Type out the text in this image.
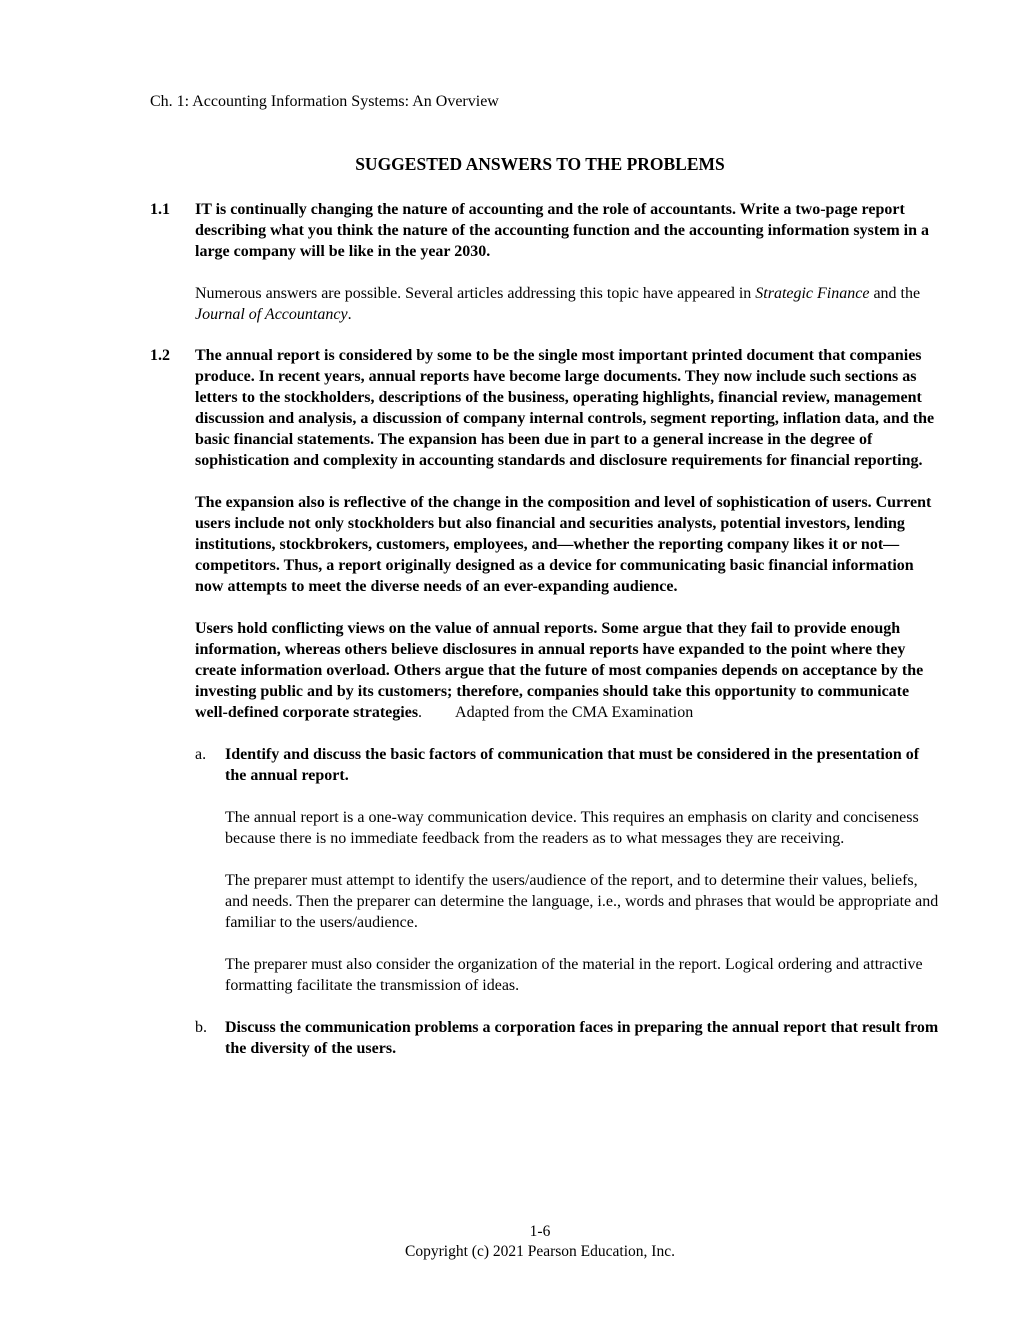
Ch. 1: Accounting Information Systems: An Overview
SUGGESTED ANSWERS TO THE PROBLEMS
1.1 IT is continually changing the nature of accounting and the role of accountants. Write a two-page report describing what you think the nature of the accounting function and the accounting information system in a large company will be like in the year 2030.

Numerous answers are possible. Several articles addressing this topic have appeared in Strategic Finance and the Journal of Accountancy.

1.2 The annual report is considered by some to be the single most important printed document that companies produce. In recent years, annual reports have become large documents. They now include such sections as letters to the stockholders, descriptions of the business, operating highlights, financial review, management discussion and analysis, a discussion of company internal controls, segment reporting, inflation data, and the basic financial statements. The expansion has been due in part to a general increase in the degree of sophistication and complexity in accounting standards and disclosure requirements for financial reporting.

The expansion also is reflective of the change in the composition and level of sophistication of users. Current users include not only stockholders but also financial and securities analysts, potential investors, lending institutions, stockbrokers, customers, employees, and—whether the reporting company likes it or not—competitors. Thus, a report originally designed as a device for communicating basic financial information now attempts to meet the diverse needs of an ever-expanding audience.

Users hold conflicting views on the value of annual reports. Some argue that they fail to provide enough information, whereas others believe disclosures in annual reports have expanded to the point where they create information overload. Others argue that the future of most companies depends on acceptance by the investing public and by its customers; therefore, companies should take this opportunity to communicate well-defined corporate strategies. Adapted from the CMA Examination

a. Identify and discuss the basic factors of communication that must be considered in the presentation of the annual report.

The annual report is a one-way communication device. This requires an emphasis on clarity and conciseness because there is no immediate feedback from the readers as to what messages they are receiving.

The preparer must attempt to identify the users/audience of the report, and to determine their values, beliefs, and needs. Then the preparer can determine the language, i.e., words and phrases that would be appropriate and familiar to the users/audience.

The preparer must also consider the organization of the material in the report. Logical ordering and attractive formatting facilitate the transmission of ideas.

b. Discuss the communication problems a corporation faces in preparing the annual report that result from the diversity of the users.

1-6
Copyright (c) 2021 Pearson Education, Inc.
